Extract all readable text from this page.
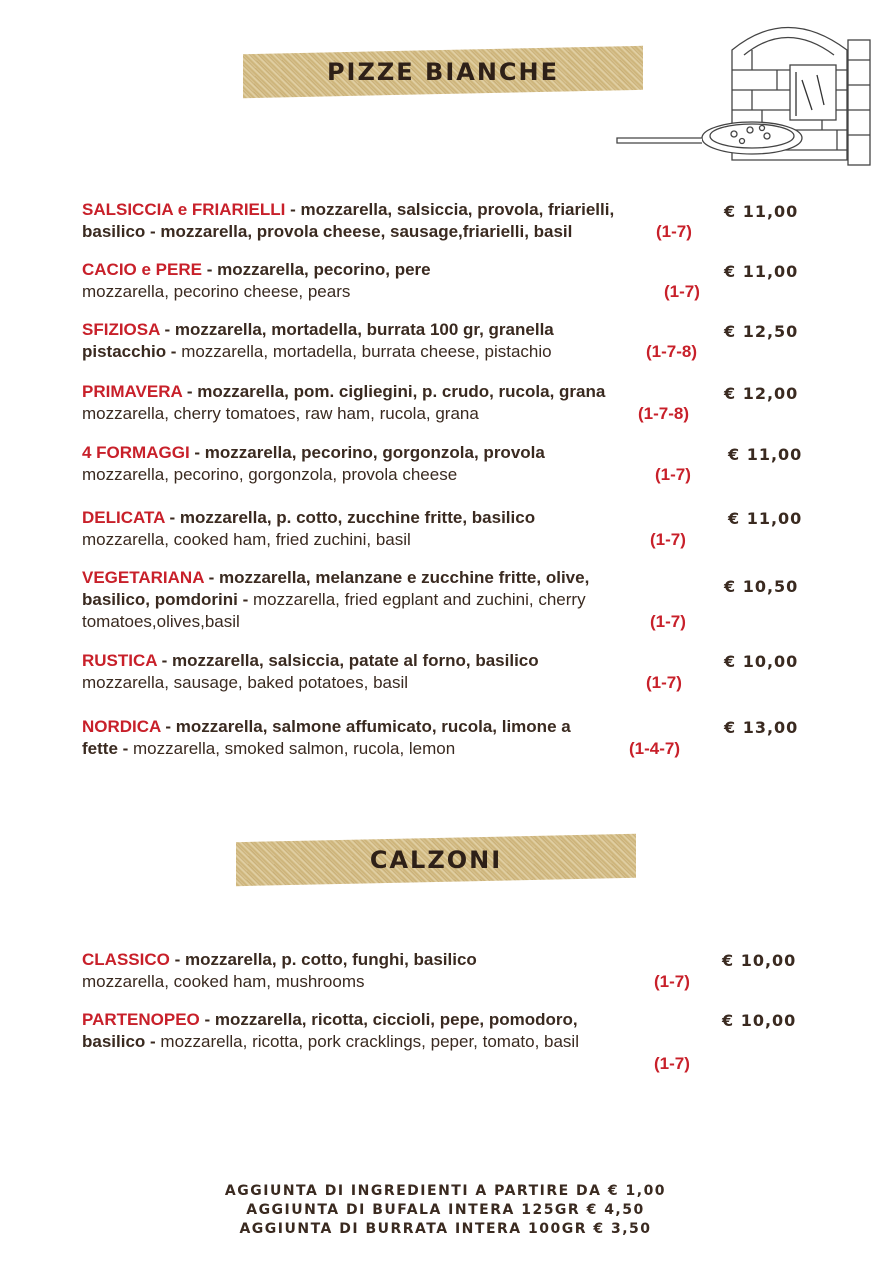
PIZZE BIANCHE
CALZONI
SALSICCIA e FRIARIELLI - mozzarella, salsiccia, provola, friarielli,
basilico - mozzarella, provola cheese, sausage,friarielli, basil	(1-7)
€ 11,00
CACIO e PERE - mozzarella, pecorino, pere
mozzarella, pecorino cheese, pears	(1-7)
€ 11,00
SFIZIOSA - mozzarella, mortadella, burrata 100 gr, granella
pistacchio - mozzarella, mortadella, burrata cheese, pistachio	(1-7-8)
€ 12,50
PRIMAVERA - mozzarella, pom. cigliegini, p. crudo, rucola, grana
mozzarella, cherry tomatoes, raw ham, rucola, grana	(1-7-8)
€ 12,00
4 FORMAGGI - mozzarella, pecorino, gorgonzola, provola
mozzarella, pecorino, gorgonzola, provola cheese	(1-7)
€ 11,00
DELICATA - mozzarella, p. cotto, zucchine fritte, basilico
mozzarella, cooked ham, fried zuchini, basil	(1-7)
€ 11,00
VEGETARIANA - mozzarella, melanzane e zucchine fritte, olive,
basilico, pomdorini - mozzarella, fried egplant and zuchini, cherry
tomatoes,olives,basil	(1-7)
€ 10,50
RUSTICA - mozzarella, salsiccia, patate al forno, basilico
mozzarella, sausage, baked potatoes, basil	(1-7)
€ 10,00
NORDICA - mozzarella, salmone affumicato, rucola, limone a
fette - mozzarella, smoked salmon, rucola, lemon	(1-4-7)
€ 13,00
CLASSICO - mozzarella, p. cotto, funghi, basilico
mozzarella, cooked ham, mushrooms	(1-7)
€ 10,00
PARTENOPEO - mozzarella, ricotta, ciccioli, pepe, pomodoro,
basilico - mozzarella, ricotta, pork cracklings, peper, tomato, basil
(1-7)
€ 10,00
AGGIUNTA DI INGREDIENTI A PARTIRE DA € 1,00
AGGIUNTA DI BUFALA INTERA 125GR € 4,50
AGGIUNTA DI BURRATA INTERA 100GR € 3,50
